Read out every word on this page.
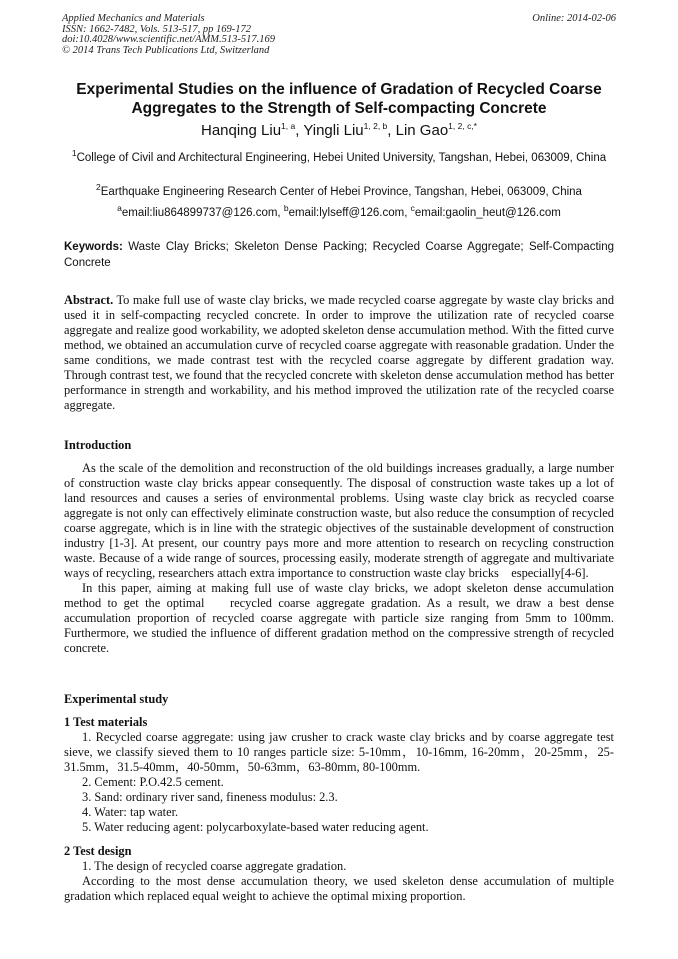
Applied Mechanics and Materials
ISSN: 1662-7482, Vols. 513-517, pp 169-172
doi:10.4028/www.scientific.net/AMM.513-517.169
© 2014 Trans Tech Publications Ltd, Switzerland
Online: 2014-02-06
Experimental Studies on the influence of Gradation of Recycled Coarse Aggregates to the Strength of Self-compacting Concrete
Hanqing Liu$^{1, a}$, Yingli Liu$^{1, 2, b}$, Lin Gao$^{1, 2, c,*}$
$^1$College of Civil and Architectural Engineering, Hebei United University, Tangshan, Hebei, 063009, China
$^2$Earthquake Engineering Research Center of Hebei Province, Tangshan, Hebei, 063009, China
$^a$email:liu864899737@126.com, $^b$email:lylseff@126.com, $^c$email:gaolin_heut@126.com
Keywords: Waste Clay Bricks; Skeleton Dense Packing; Recycled Coarse Aggregate; Self-Compacting Concrete

Abstract. To make full use of waste clay bricks, we made recycled coarse aggregate by waste clay bricks and used it in self-compacting recycled concrete. In order to improve the utilization rate of recycled coarse aggregate and realize good workability, we adopted skeleton dense accumulation method. With the fitted curve method, we obtained an accumulation curve of recycled coarse aggregate with reasonable gradation. Under the same conditions, we made contrast test with the recycled coarse aggregate by different gradation way. Through contrast test, we found that the recycled concrete with skeleton dense accumulation method has better performance in strength and workability, and his method improved the utilization rate of the recycled coarse aggregate.

Introduction

As the scale of the demolition and reconstruction of the old buildings increases gradually, a large number of construction waste clay bricks appear consequently. The disposal of construction waste takes up a lot of land resources and causes a series of environmental problems. Using waste clay brick as recycled coarse aggregate is not only can effectively eliminate construction waste, but also reduce the consumption of recycled coarse aggregate, which is in line with the strategic objectives of the sustainable development of construction industry [1-3]. At present, our country pays more and more attention to research on recycling construction waste. Because of a wide range of sources, processing easily, moderate strength of aggregate and multivariate ways of recycling, researchers attach extra importance to construction waste clay bricks    especially[4-6].

In this paper, aiming at making full use of waste clay bricks, we adopt skeleton dense accumulation method to get the optimal    recycled coarse aggregate gradation. As a result, we draw a best dense accumulation proportion of recycled coarse aggregate with particle size ranging from 5mm to 100mm. Furthermore, we studied the influence of different gradation method on the compressive strength of recycled concrete.

Experimental study
1 Test materials

1. Recycled coarse aggregate: using jaw crusher to crack waste clay bricks and by coarse aggregate test sieve, we classify sieved them to 10 ranges particle size: 5-10mm，10-16mm, 16-20mm，20-25mm，25-31.5mm，31.5-40mm，40-50mm，50-63mm，63-80mm, 80-100mm.

2. Cement: P.O.42.5 cement.

3. Sand: ordinary river sand, fineness modulus: 2.3.

4. Water: tap water.

5. Water reducing agent: polycarboxylate-based water reducing agent.

2 Test design

1. The design of recycled coarse aggregate gradation.

According to the most dense accumulation theory, we used skeleton dense accumulation of multiple gradation which replaced equal weight to achieve the optimal mixing proportion.
